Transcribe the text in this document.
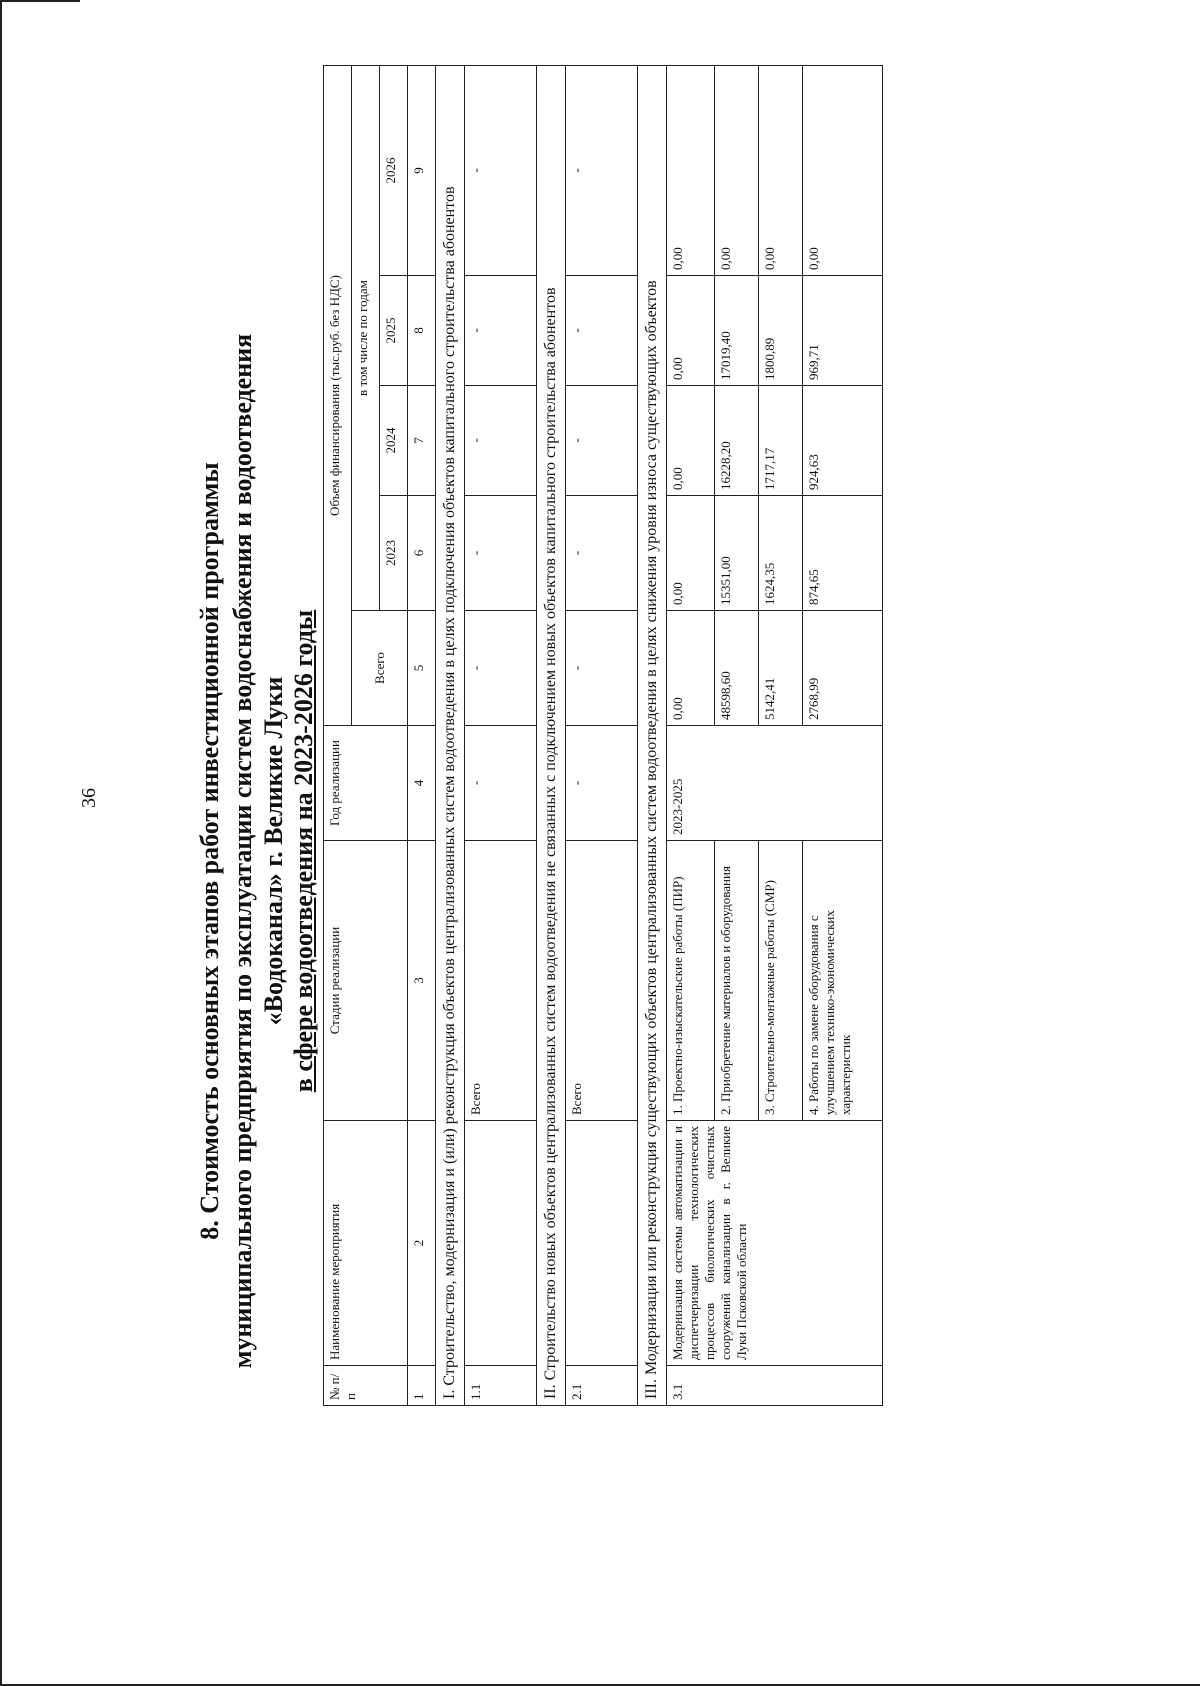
36	8. Стоимость основных этапов работ инвестиционной программы муниципального предприятия по эксплуатации систем водоснабжения и водоотведения «Водоканал» г. Великие Луки в сфере водоотведения на 2023-2026 годы
№ п/п	Наименование мероприятия	Стадии реализации	Год реализации	Объем финансирования (тыс.руб. без НДС)				
				Всего	в том числе по годам			
					2023	2024	2025	2026
1	2	3	4	5	6	7	8	9
I. Строительство, модернизация и (или) реконструкция объектов централизованных систем водоотведения в целях подключения объектов капитального строительства абонентов								
1.1		Всего	-	-	-	-	-	-
II. Строительство новых объектов централизованных систем водоотведения не связанных с подключением новых объектов капитального строительства абонентов								
2.1		Всего	-	-	-	-	-	-
III. Модернизация или реконструкция существующих объектов централизованных систем водоотведения в целях снижения уровня износа существующих объектов								
3.1	Модернизация системы автоматизации и диспетчеризации технологических процессов биологических очистных сооружений канализации в г. Великие Луки Псковской области	1. Проектно-изыскательские работы (ПИР)	2023-2025	0,00	0,00	0,00	0,00	0,00
		2. Приобретение материалов и оборудования		48598,60	15351,00	16228,20	17019,40	0,00
		3. Строительно-монтажные работы (СМР)		5142,41	1624,35	1717,17	1800,89	0,00
		4. Работы по замене оборудования с улучшением технико-экономических характеристик		2768,99	874,65	924,63	969,71	0,00
